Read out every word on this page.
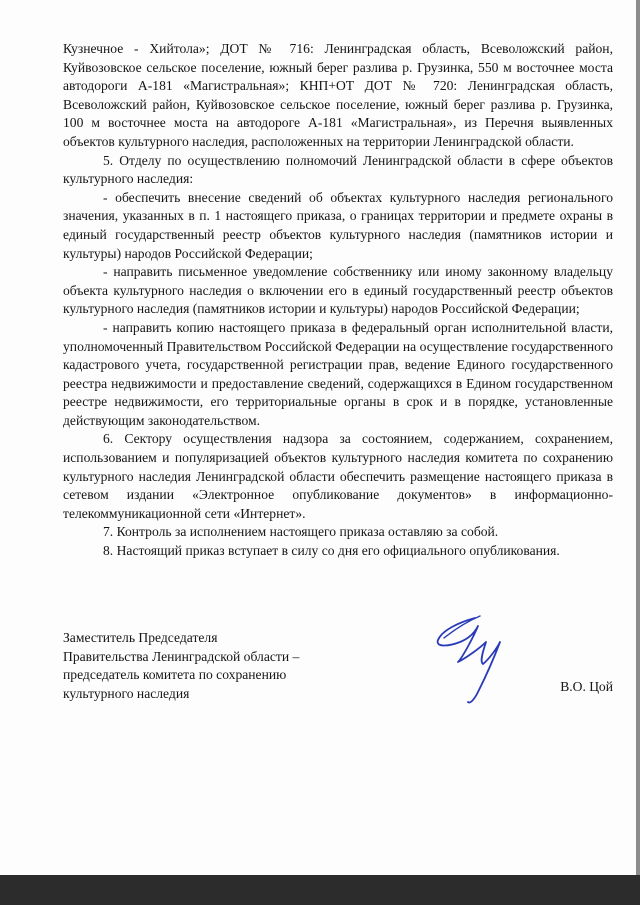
Кузнечное - Хийтола»; ДОТ № 716: Ленинградская область, Всеволожский район, Куйвозовское сельское поселение, южный берег разлива р. Грузинка, 550 м восточнее моста автодороги А-181 «Магистральная»; КНП+ОТ ДОТ № 720: Ленинградская область, Всеволожский район, Куйвозовское сельское поселение, южный берег разлива р. Грузинка, 100 м восточнее моста на автодороге А-181 «Магистральная», из Перечня выявленных объектов культурного наследия, расположенных на территории Ленинградской области.

5. Отделу по осуществлению полномочий Ленинградской области в сфере объектов культурного наследия:

- обеспечить внесение сведений об объектах культурного наследия регионального значения, указанных в п. 1 настоящего приказа, о границах территории и предмете охраны в единый государственный реестр объектов культурного наследия (памятников истории и культуры) народов Российской Федерации;

- направить письменное уведомление собственнику или иному законному владельцу объекта культурного наследия о включении его в единый государственный реестр объектов культурного наследия (памятников истории и культуры) народов Российской Федерации;

- направить копию настоящего приказа в федеральный орган исполнительной власти, уполномоченный Правительством Российской Федерации на осуществление государственного кадастрового учета, государственной регистрации прав, ведение Единого государственного реестра недвижимости и предоставление сведений, содержащихся в Едином государственном реестре недвижимости, его территориальные органы в срок и в порядке, установленные действующим законодательством.

6. Сектору осуществления надзора за состоянием, содержанием, сохранением, использованием и популяризацией объектов культурного наследия комитета по сохранению культурного наследия Ленинградской области обеспечить размещение настоящего приказа в сетевом издании «Электронное опубликование документов» в информационно-телекоммуникационной сети «Интернет».

7. Контроль за исполнением настоящего приказа оставляю за собой.

8. Настоящий приказ вступает в силу со дня его официального опубликования.

Заместитель Председателя
Правительства Ленинградской области –
председатель комитета по сохранению
культурного наследия	В.О. Цой
